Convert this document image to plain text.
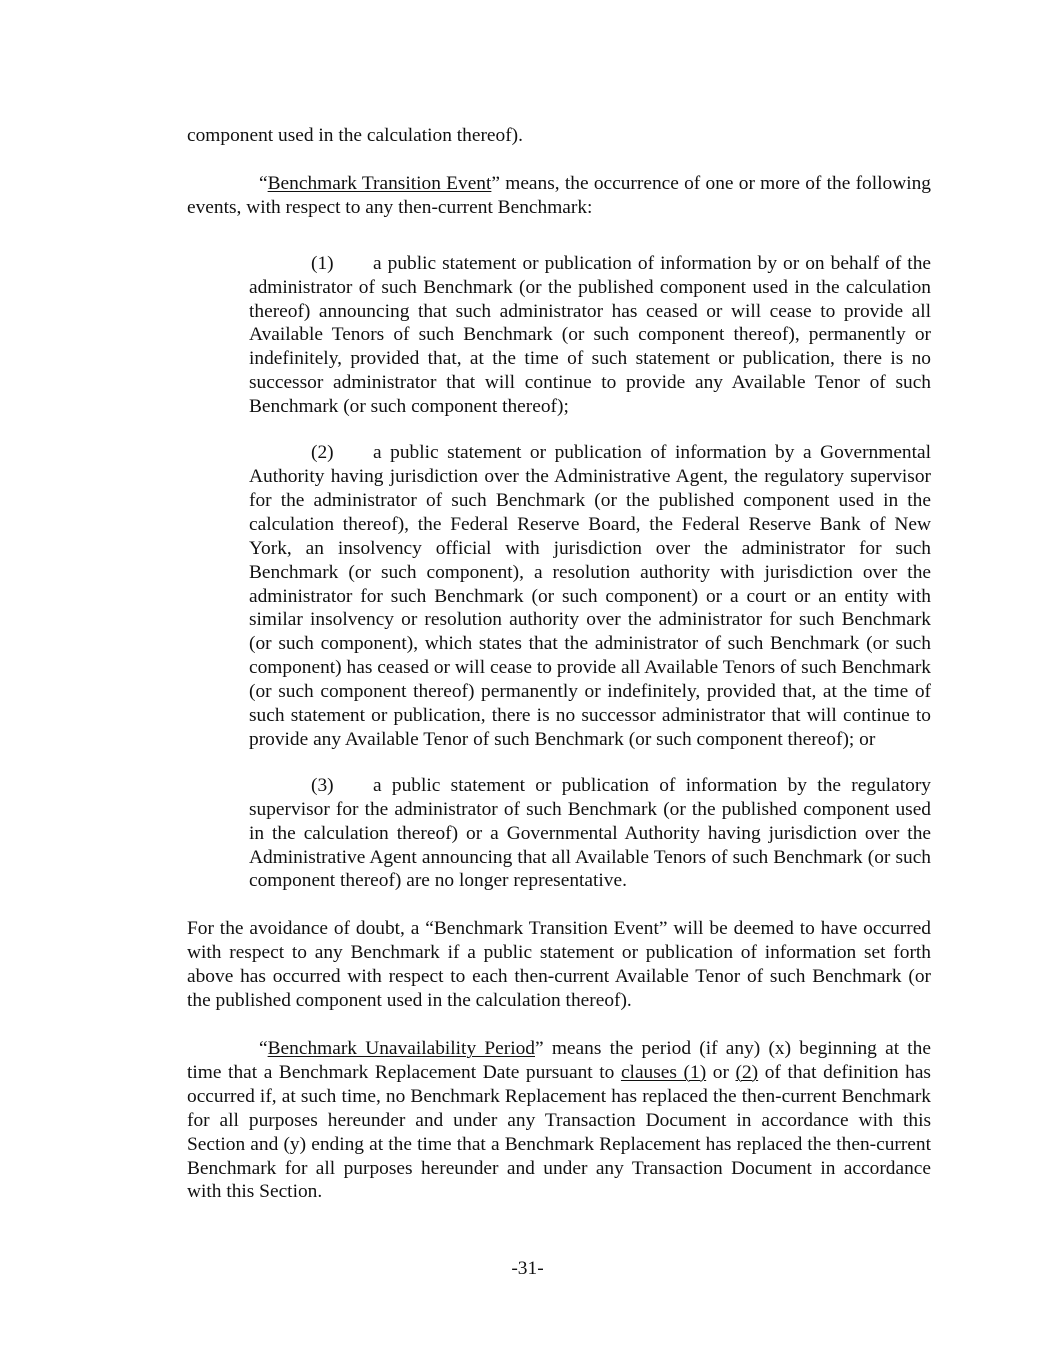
component used in the calculation thereof).

“Benchmark Transition Event” means, the occurrence of one or more of the following events, with respect to any then-current Benchmark:

(1) a public statement or publication of information by or on behalf of the administrator of such Benchmark (or the published component used in the calculation thereof) announcing that such administrator has ceased or will cease to provide all Available Tenors of such Benchmark (or such component thereof), permanently or indefinitely, provided that, at the time of such statement or publication, there is no successor administrator that will continue to provide any Available Tenor of such Benchmark (or such component thereof);

(2) a public statement or publication of information by a Governmental Authority having jurisdiction over the Administrative Agent, the regulatory supervisor for the administrator of such Benchmark (or the published component used in the calculation thereof), the Federal Reserve Board, the Federal Reserve Bank of New York, an insolvency official with jurisdiction over the administrator for such Benchmark (or such component), a resolution authority with jurisdiction over the administrator for such Benchmark (or such component) or a court or an entity with similar insolvency or resolution authority over the administrator for such Benchmark (or such component), which states that the administrator of such Benchmark (or such component) has ceased or will cease to provide all Available Tenors of such Benchmark (or such component thereof) permanently or indefinitely, provided that, at the time of such statement or publication, there is no successor administrator that will continue to provide any Available Tenor of such Benchmark (or such component thereof); or

(3) a public statement or publication of information by the regulatory supervisor for the administrator of such Benchmark (or the published component used in the calculation thereof) or a Governmental Authority having jurisdiction over the Administrative Agent announcing that all Available Tenors of such Benchmark (or such component thereof) are no longer representative.

For the avoidance of doubt, a “Benchmark Transition Event” will be deemed to have occurred with respect to any Benchmark if a public statement or publication of information set forth above has occurred with respect to each then-current Available Tenor of such Benchmark (or the published component used in the calculation thereof).

“Benchmark Unavailability Period” means the period (if any) (x) beginning at the time that a Benchmark Replacement Date pursuant to clauses (1) or (2) of that definition has occurred if, at such time, no Benchmark Replacement has replaced the then-current Benchmark for all purposes hereunder and under any Transaction Document in accordance with this Section and (y) ending at the time that a Benchmark Replacement has replaced the then-current Benchmark for all purposes hereunder and under any Transaction Document in accordance with this Section.

-31-
